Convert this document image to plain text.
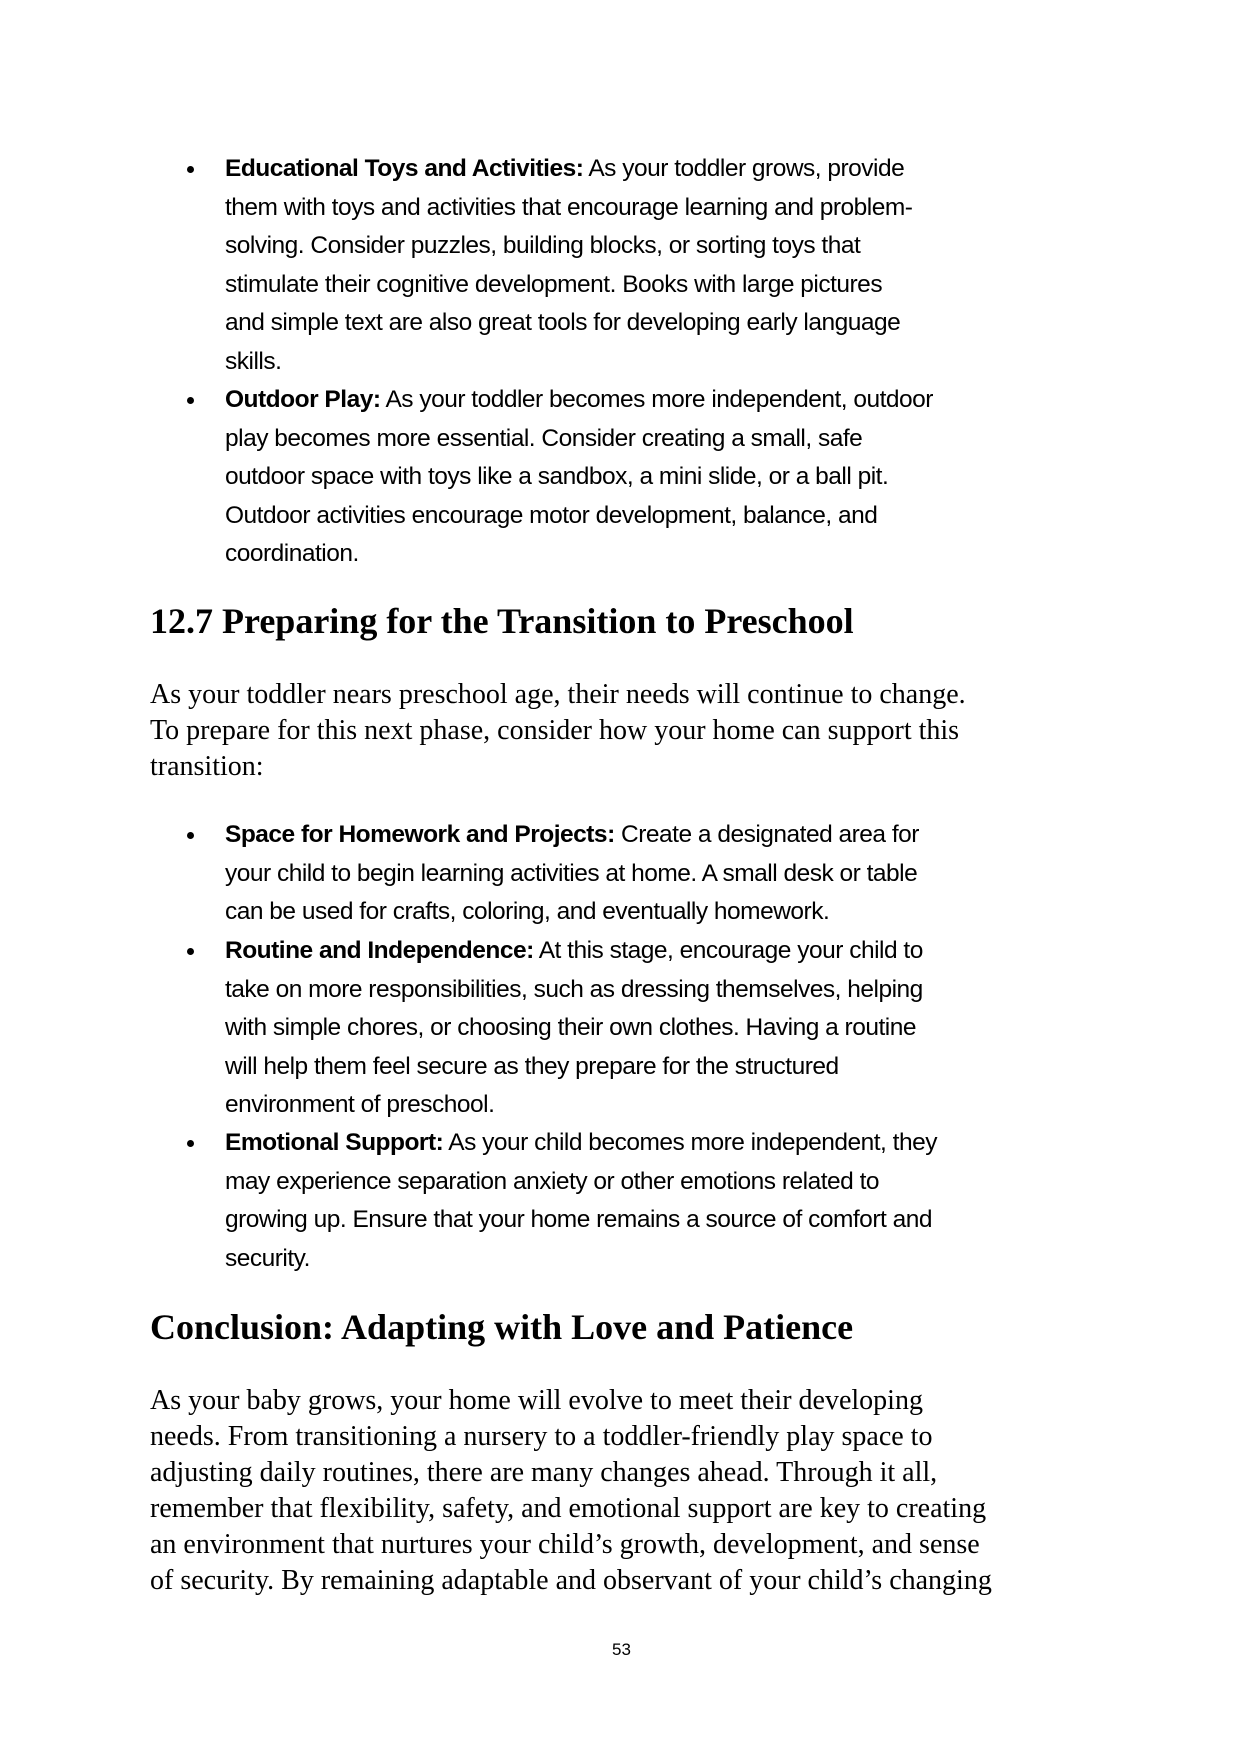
Educational Toys and Activities: As your toddler grows, provide
them with toys and activities that encourage learning and problem-
solving. Consider puzzles, building blocks, or sorting toys that
stimulate their cognitive development. Books with large pictures
and simple text are also great tools for developing early language
skills.
Outdoor Play: As your toddler becomes more independent, outdoor
play becomes more essential. Consider creating a small, safe
outdoor space with toys like a sandbox, a mini slide, or a ball pit.
Outdoor activities encourage motor development, balance, and
coordination.
12.7 Preparing for the Transition to Preschool
As your toddler nears preschool age, their needs will continue to change.
To prepare for this next phase, consider how your home can support this
transition:
Space for Homework and Projects: Create a designated area for
your child to begin learning activities at home. A small desk or table
can be used for crafts, coloring, and eventually homework.
Routine and Independence: At this stage, encourage your child to
take on more responsibilities, such as dressing themselves, helping
with simple chores, or choosing their own clothes. Having a routine
will help them feel secure as they prepare for the structured
environment of preschool.
Emotional Support: As your child becomes more independent, they
may experience separation anxiety or other emotions related to
growing up. Ensure that your home remains a source of comfort and
security.
Conclusion: Adapting with Love and Patience
As your baby grows, your home will evolve to meet their developing
needs. From transitioning a nursery to a toddler-friendly play space to
adjusting daily routines, there are many changes ahead. Through it all,
remember that flexibility, safety, and emotional support are key to creating
an environment that nurtures your child’s growth, development, and sense
of security. By remaining adaptable and observant of your child’s changing
53
